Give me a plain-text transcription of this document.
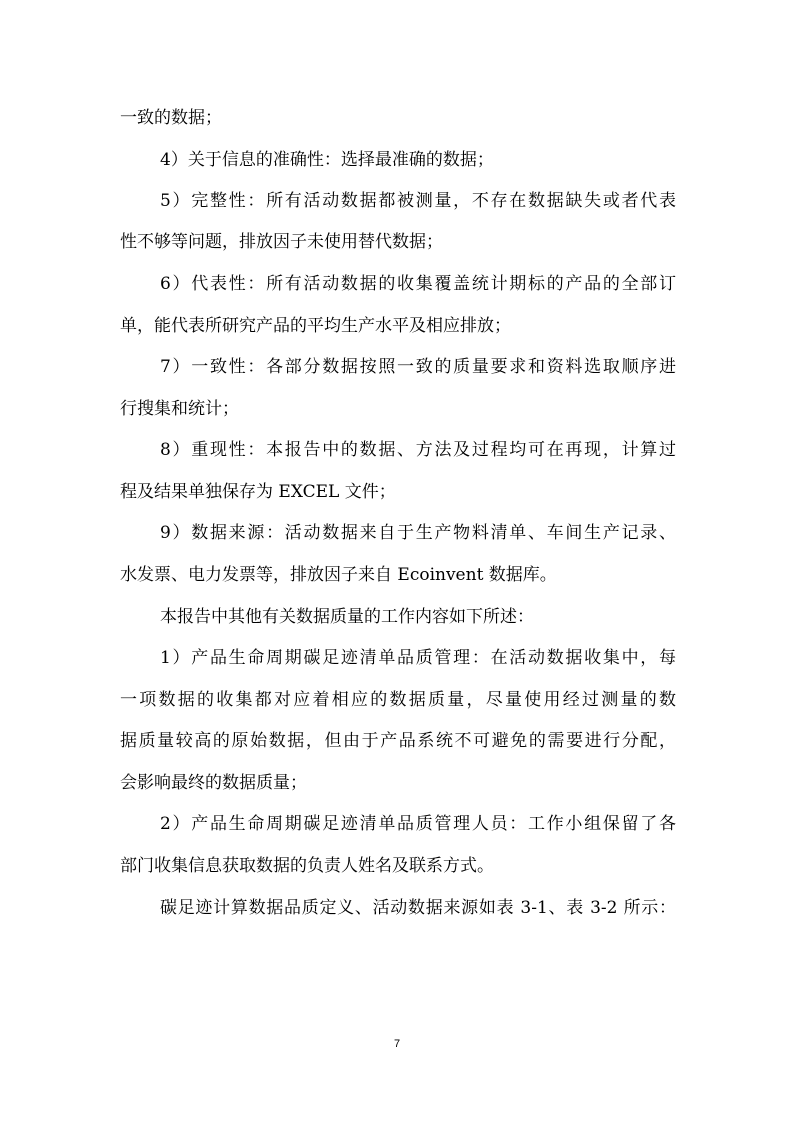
一致的数据；
4）关于信息的准确性：选择最准确的数据；
5）完整性：所有活动数据都被测量，不存在数据缺失或者代表
性不够等问题，排放因子未使用替代数据；
6）代表性：所有活动数据的收集覆盖统计期标的产品的全部订
单，能代表所研究产品的平均生产水平及相应排放；
7）一致性：各部分数据按照一致的质量要求和资料选取顺序进
行搜集和统计；
8）重现性：本报告中的数据、方法及过程均可在再现，计算过
程及结果单独保存为 EXCEL 文件；
9）数据来源：活动数据来自于生产物料清单、车间生产记录、
水发票、电力发票等，排放因子来自 Ecoinvent 数据库。
本报告中其他有关数据质量的工作内容如下所述：
1）产品生命周期碳足迹清单品质管理：在活动数据收集中，每
一项数据的收集都对应着相应的数据质量，尽量使用经过测量的数
据质量较高的原始数据，但由于产品系统不可避免的需要进行分配，
会影响最终的数据质量；
2）产品生命周期碳足迹清单品质管理人员：工作小组保留了各
部门收集信息获取数据的负责人姓名及联系方式。
碳足迹计算数据品质定义、活动数据来源如表 3-1、表 3-2 所示：
7
